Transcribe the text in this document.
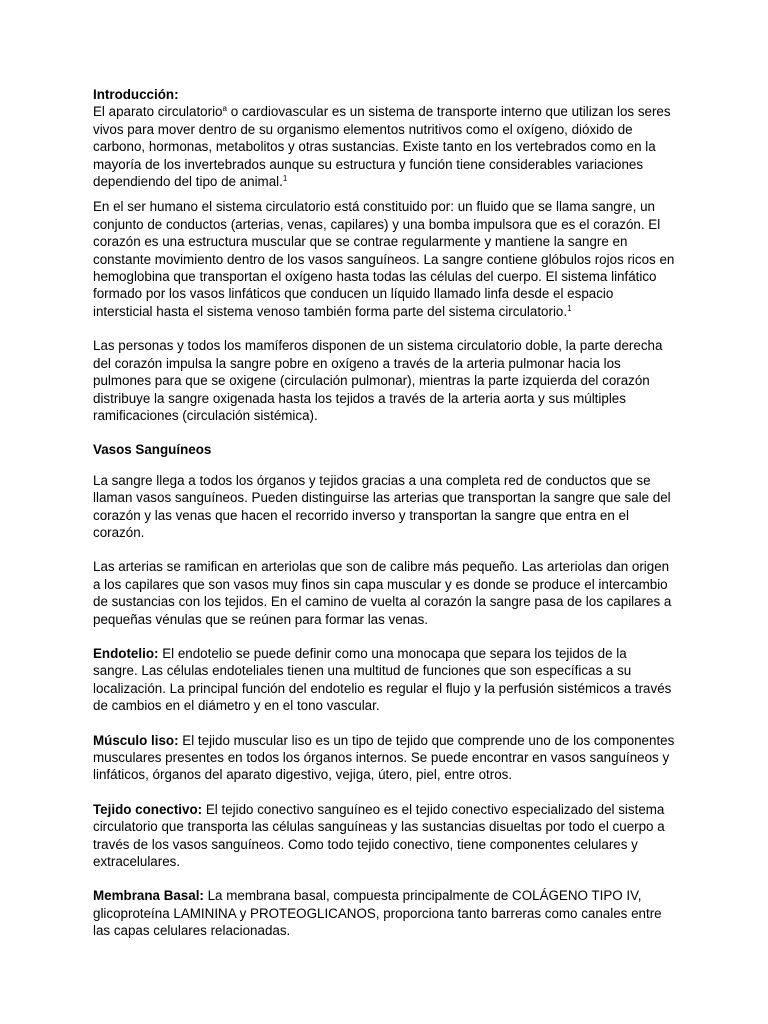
Introducción:

El aparato circulatorio$^a$ o cardiovascular es un sistema de transporte interno que utilizan los seres vivos para mover dentro de su organismo elementos nutritivos como el oxígeno, dióxido de carbono, hormonas, metabolitos y otras sustancias. Existe tanto en los vertebrados como en la mayoría de los invertebrados aunque su estructura y función tiene considerables variaciones dependiendo del tipo de animal.$^1$

En el ser humano el sistema circulatorio está constituido por: un fluido que se llama sangre, un conjunto de conductos (arterias, venas, capilares) y una bomba impulsora que es el corazón. El corazón es una estructura muscular que se contrae regularmente y mantiene la sangre en constante movimiento dentro de los vasos sanguíneos. La sangre contiene glóbulos rojos ricos en hemoglobina que transportan el oxígeno hasta todas las células del cuerpo. El sistema linfático formado por los vasos linfáticos que conducen un líquido llamado linfa desde el espacio intersticial hasta el sistema venoso también forma parte del sistema circulatorio.$^1$

Las personas y todos los mamíferos disponen de un sistema circulatorio doble, la parte derecha del corazón impulsa la sangre pobre en oxígeno a través de la arteria pulmonar hacia los pulmones para que se oxigene (circulación pulmonar), mientras la parte izquierda del corazón distribuye la sangre oxigenada hasta los tejidos a través de la arteria aorta y sus múltiples ramificaciones (circulación sistémica).

Vasos Sanguíneos

La sangre llega a todos los órganos y tejidos gracias a una completa red de conductos que se llaman vasos sanguíneos. Pueden distinguirse las arterias que transportan la sangre que sale del corazón y las venas que hacen el recorrido inverso y transportan la sangre que entra en el corazón.

Las arterias se ramifican en arteriolas que son de calibre más pequeño. Las arteriolas dan origen a los capilares que son vasos muy finos sin capa muscular y es donde se produce el intercambio de sustancias con los tejidos. En el camino de vuelta al corazón la sangre pasa de los capilares a pequeñas vénulas que se reúnen para formar las venas.

Endotelio: El endotelio se puede definir como una monocapa que separa los tejidos de la sangre. Las células endoteliales tienen una multitud de funciones que son específicas a su localización. La principal función del endotelio es regular el flujo y la perfusión sistémicos a través de cambios en el diámetro y en el tono vascular.

Músculo liso: El tejido muscular liso es un tipo de tejido que comprende uno de los componentes musculares presentes en todos los órganos internos. Se puede encontrar en vasos sanguíneos y linfáticos, órganos del aparato digestivo, vejiga, útero, piel, entre otros.

Tejido conectivo: El tejido conectivo sanguíneo es el tejido conectivo especializado del sistema circulatorio que transporta las células sanguíneas y las sustancias disueltas por todo el cuerpo a través de los vasos sanguíneos. Como todo tejido conectivo, tiene componentes celulares y extracelulares.

Membrana Basal: La membrana basal, compuesta principalmente de COLÁGENO TIPO IV, glicoproteína LAMININA y PROTEOGLICANOS, proporciona tanto barreras como canales entre las capas celulares relacionadas.
